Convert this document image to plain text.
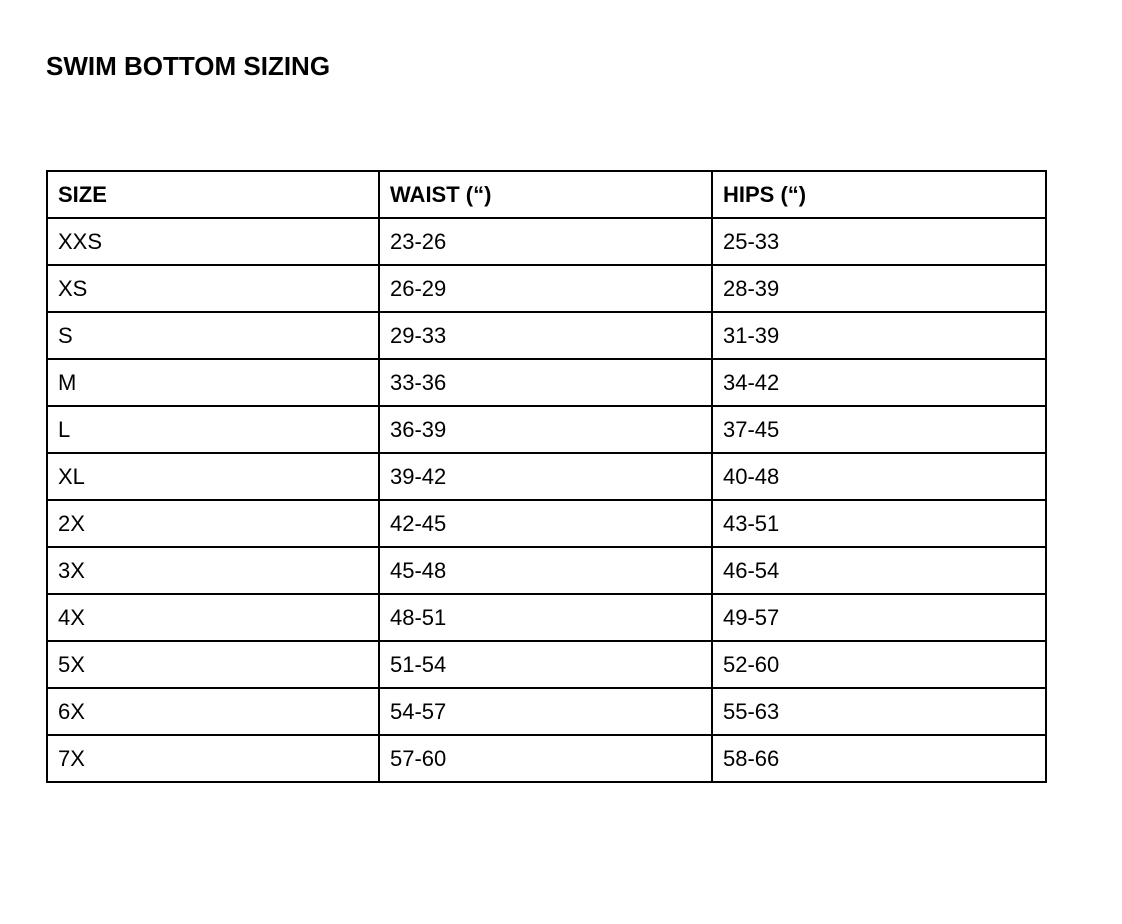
SWIM BOTTOM SIZING
SIZE	WAIST (“)	HIPS (“)
XXS	23-26	25-33
XS	26-29	28-39
S	29-33	31-39
M	33-36	34-42
L	36-39	37-45
XL	39-42	40-48
2X	42-45	43-51
3X	45-48	46-54
4X	48-51	49-57
5X	51-54	52-60
6X	54-57	55-63
7X	57-60	58-66
